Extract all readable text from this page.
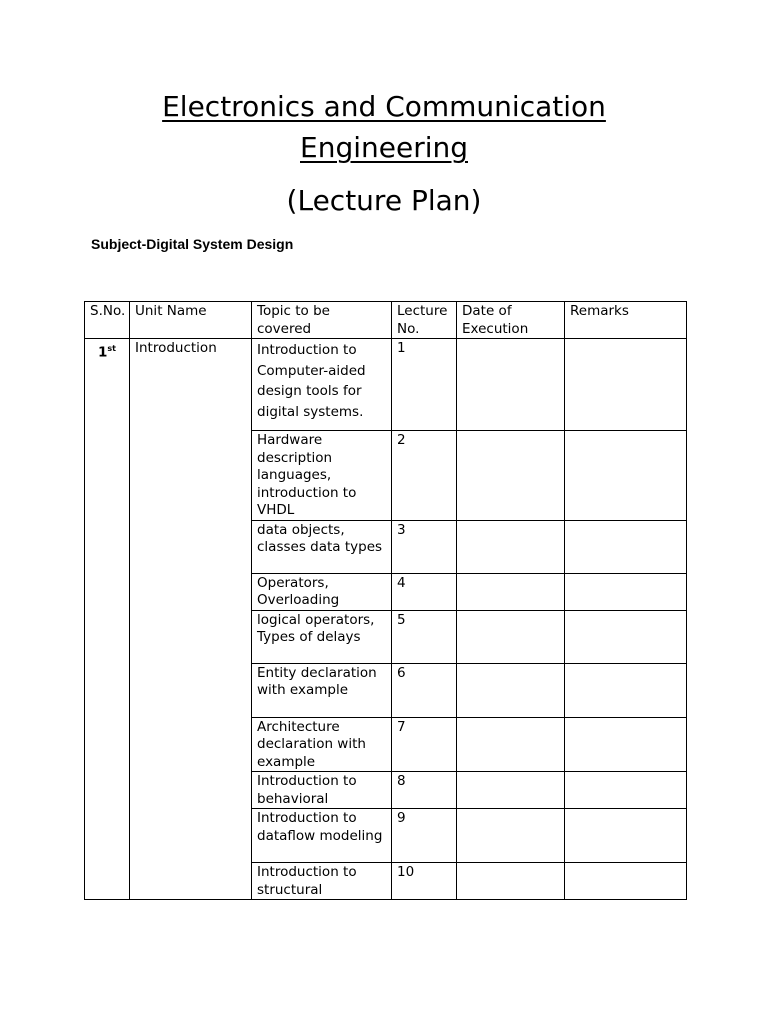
Electronics and Communication
Engineering
(Lecture Plan)
Subject-Digital System Design
S.No.	Unit Name	Topic to be covered	Lecture No.	Date of Execution	Remarks
1st	Introduction	Introduction to Computer-aided design tools for digital systems.	1		
		Hardware description languages, introduction to VHDL	2		
		data objects, classes data types	3		
		Operators, Overloading	4		
		logical operators, Types of delays	5		
		Entity declaration with example	6		
		Architecture declaration with example	7		
		Introduction to behavioral	8		
		Introduction to dataflow modeling	9		
		Introduction to structural	10		
